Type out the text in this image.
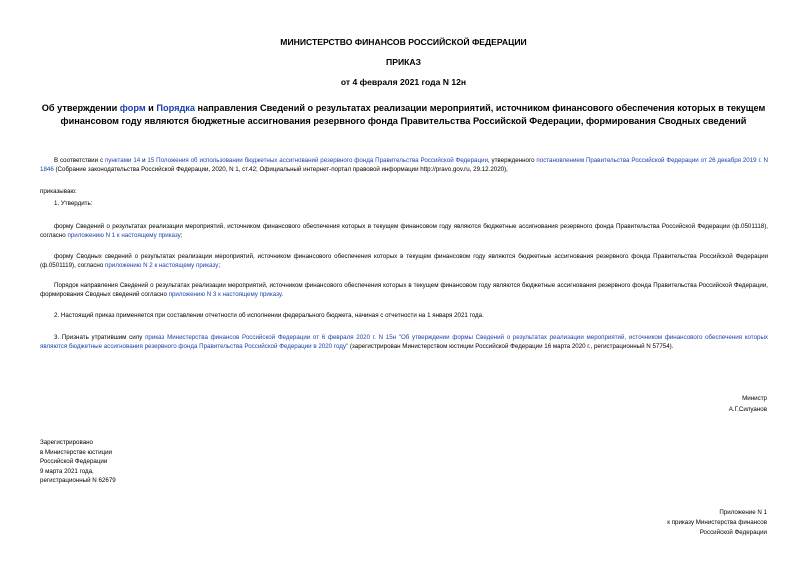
МИНИСТЕРСТВО ФИНАНСОВ РОССИЙСКОЙ ФЕДЕРАЦИИ
ПРИКАЗ
от 4 февраля 2021 года N 12н
Об утверждении форм и Порядка направления Сведений о результатах реализации мероприятий, источником финансового обеспечения которых в текущем финансовом году являются бюджетные ассигнования резервного фонда Правительства Российской Федерации, формирования Сводных сведений
В соответствии с пунктами 14 и 15 Положения об использовании бюджетных ассигнований резервного фонда Правительства Российской Федерации, утвержденного постановлением Правительства Российской Федерации от 26 декабря 2019 г. N 1846 (Собрание законодательства Российской Федерации, 2020, N 1, ст.42; Официальный интернет-портал правовой информации http://pravo.gov.ru, 29.12.2020),
приказываю:
1. Утвердить:
форму Сведений о результатах реализации мероприятий, источником финансового обеспечения которых в текущем финансовом году являются бюджетные ассигнования резервного фонда Правительства Российской Федерации (ф.0501118), согласно приложению N 1 к настоящему приказу;
форму Сводных сведений о результатах реализации мероприятий, источником финансового обеспечения которых в текущем финансовом году являются бюджетные ассигнования резервного фонда Правительства Российской Федерации (ф.0501119), согласно приложению N 2 к настоящему приказу;
Порядок направления Сведений о результатах реализации мероприятий, источником финансового обеспечения которых в текущем финансовом году являются бюджетные ассигнования резервного фонда Правительства Российской Федерации, формирования Сводных сведений согласно приложению N 3 к настоящему приказу.
2. Настоящий приказ применяется при составлении отчетности об исполнении федерального бюджета, начиная с отчетности на 1 января 2021 года.
3. Признать утратившим силу приказ Министерства финансов Российской Федерации от 6 февраля 2020 г. N 15н "Об утверждении формы Сведений о результатах реализации мероприятий, источником финансового обеспечения которых являются бюджетные ассигнования резервного фонда Правительства Российской Федерации в 2020 году" (зарегистрирован Министерством юстиции Российской Федерации 16 марта 2020 г., регистрационный N 57754).
Министр
А.Г.Силуанов
Зарегистрировано
в Министерстве юстиции
Российской Федерации
9 марта 2021 года,
регистрационный N 62679
Приложение N 1
к приказу Министерства финансов
Российской Федерации
